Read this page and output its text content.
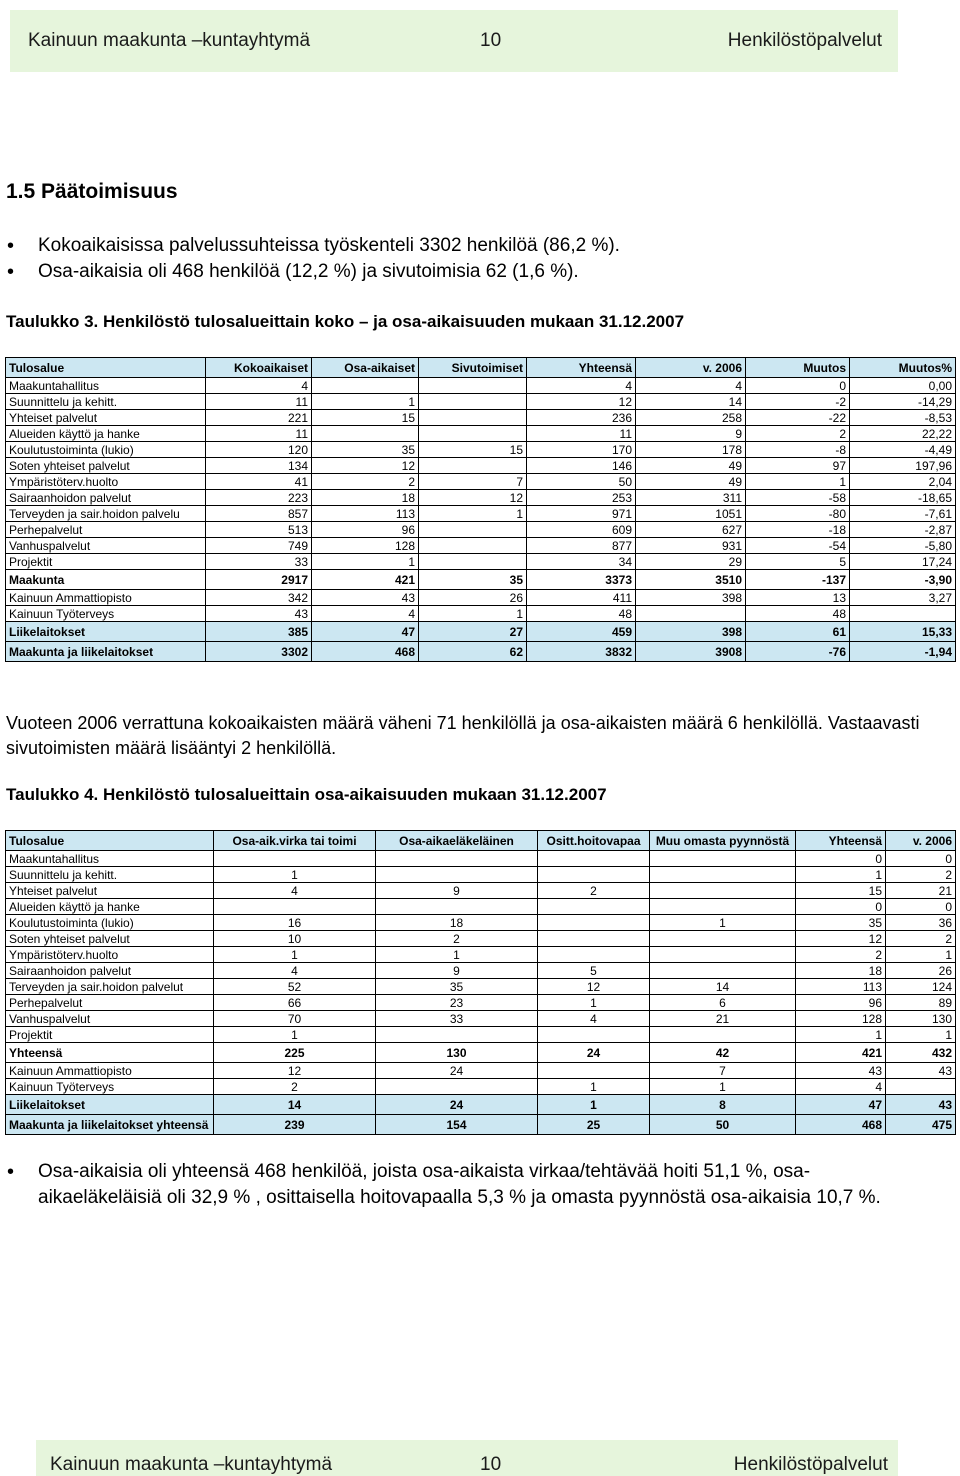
Kainuun maakunta –kuntayhtymä	10	Henkilöstöpalvelut
1.5 Päätoimisuus
• Kokoaikaisissa palvelussuhteissa työskenteli 3302 henkilöä (86,2 %).
• Osa-aikaisia oli 468 henkilöä (12,2 %) ja sivutoimisia 62 (1,6 %).
Taulukko 3. Henkilöstö tulosalueittain koko – ja osa-aikaisuuden mukaan 31.12.2007
Tulosalue	Kokoaikaiset	Osa-aikaiset	Sivutoimiset	Yhteensä	v. 2006	Muutos	Muutos%
Maakuntahallitus	4			4	4	0	0,00
Suunnittelu ja kehitt.	11	1		12	14	-2	-14,29
Yhteiset palvelut	221	15		236	258	-22	-8,53
Alueiden käyttö ja hanke	11			11	9	2	22,22
Koulutustoiminta (lukio)	120	35	15	170	178	-8	-4,49
Soten yhteiset palvelut	134	12		146	49	97	197,96
Ympäristöterv.huolto	41	2	7	50	49	1	2,04
Sairaanhoidon palvelut	223	18	12	253	311	-58	-18,65
Terveyden ja sair.hoidon palvelu	857	113	1	971	1051	-80	-7,61
Perhepalvelut	513	96		609	627	-18	-2,87
Vanhuspalvelut	749	128		877	931	-54	-5,80
Projektit	33	1		34	29	5	17,24
Maakunta	2917	421	35	3373	3510	-137	-3,90
Kainuun Ammattiopisto	342	43	26	411	398	13	3,27
Kainuun Työterveys	43	4	1	48		48	
Liikelaitokset	385	47	27	459	398	61	15,33
Maakunta ja liikelaitokset	3302	468	62	3832	3908	-76	-1,94
Vuoteen 2006 verrattuna kokoaikaisten määrä väheni 71 henkilöllä ja osa-aikaisten määrä 6 henkilöllä. Vastaavasti sivutoimisten määrä lisääntyi 2 henkilöllä.
Taulukko 4. Henkilöstö tulosalueittain osa-aikaisuuden mukaan 31.12.2007
Tulosalue	Osa-aik.virka tai toimi	Osa-aikaeläkeläinen	Ositt.hoitovapaa	Muu omasta pyynnöstä	Yhteensä	v. 2006
Maakuntahallitus					0	0
Suunnittelu ja kehitt.	1				1	2
Yhteiset palvelut	4	9	2		15	21
Alueiden käyttö ja hanke					0	0
Koulutustoiminta (lukio)	16	18		1	35	36
Soten yhteiset palvelut	10	2			12	2
Ympäristöterv.huolto	1	1			2	1
Sairaanhoidon palvelut	4	9	5		18	26
Terveyden ja sair.hoidon palvelut	52	35	12	14	113	124
Perhepalvelut	66	23	1	6	96	89
Vanhuspalvelut	70	33	4	21	128	130
Projektit	1				1	1
Yhteensä	225	130	24	42	421	432
Kainuun Ammattiopisto	12	24		7	43	43
Kainuun Työterveys	2		1	1	4	
Liikelaitokset	14	24	1	8	47	43
Maakunta ja liikelaitokset yhteensä	239	154	25	50	468	475
• Osa-aikaisia oli yhteensä 468 henkilöä, joista osa-aikaista virkaa/tehtävää hoiti 51,1 %, osa-aikaeläkeläisiä oli 32,9 % , osittaisella hoitovapaalla 5,3 % ja omasta pyynnöstä osa-aikaisia 10,7 %.
Kainuun maakunta –kuntayhtymä	10	Henkilöstöpalvelut
